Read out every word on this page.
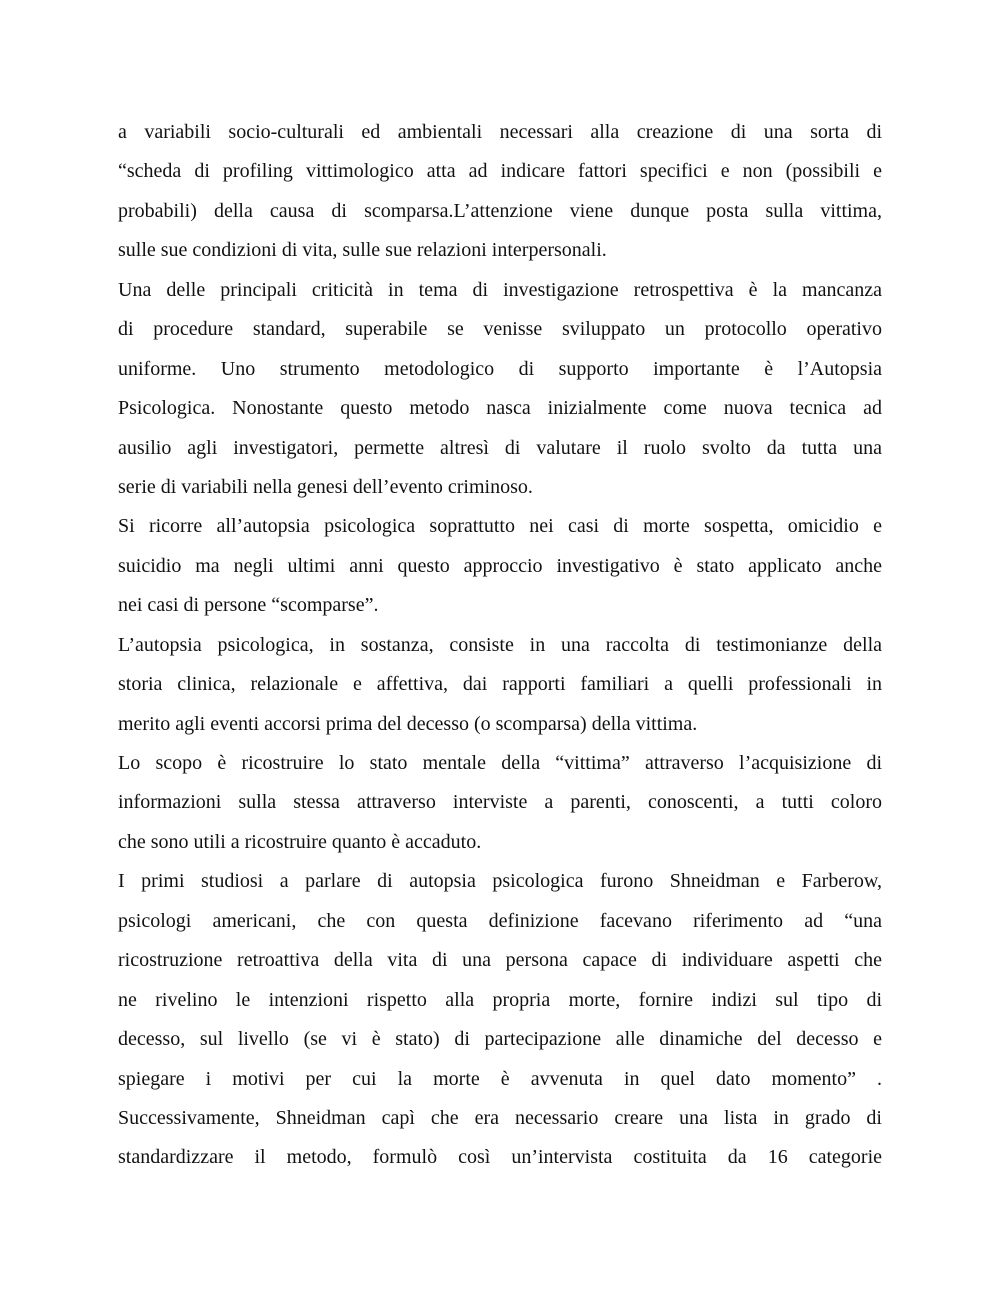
a variabili socio-culturali ed ambientali necessari alla creazione di una sorta di
“scheda di profiling vittimologico atta ad indicare fattori specifici e non (possibili e
probabili) della causa di scomparsa.L’attenzione viene dunque posta sulla vittima,
sulle sue condizioni di vita, sulle sue relazioni interpersonali.
Una delle principali criticità in tema di investigazione retrospettiva è la mancanza
di procedure standard, superabile se venisse sviluppato un protocollo operativo
uniforme. Uno strumento metodologico di supporto importante è l’Autopsia
Psicologica. Nonostante questo metodo nasca inizialmente come nuova tecnica ad
ausilio agli investigatori, permette altresì di valutare il ruolo svolto da tutta una
serie di variabili nella genesi dell’evento criminoso.
Si ricorre all’autopsia psicologica soprattutto nei casi di morte sospetta, omicidio e
suicidio ma negli ultimi anni questo approccio investigativo è stato applicato anche
nei casi di persone “scomparse”.
L’autopsia psicologica, in sostanza, consiste in una raccolta di testimonianze della
storia clinica, relazionale e affettiva, dai rapporti familiari a quelli professionali in
merito agli eventi accorsi prima del decesso (o scomparsa) della vittima.
Lo scopo è ricostruire lo stato mentale della “vittima” attraverso l’acquisizione di
informazioni sulla stessa attraverso interviste a parenti, conoscenti, a tutti coloro
che sono utili a ricostruire quanto è accaduto.
I primi studiosi a parlare di autopsia psicologica furono Shneidman e Farberow,
psicologi americani, che con questa definizione facevano riferimento ad “una
ricostruzione retroattiva della vita di una persona capace di individuare aspetti che
ne rivelino le intenzioni rispetto alla propria morte, fornire indizi sul tipo di
decesso, sul livello (se vi è stato) di partecipazione alle dinamiche del decesso e
spiegare i motivi per cui la morte è avvenuta in quel dato momento” .
Successivamente, Shneidman capì che era necessario creare una lista in grado di
standardizzare il metodo, formulò così un’intervista costituita da 16 categorie
